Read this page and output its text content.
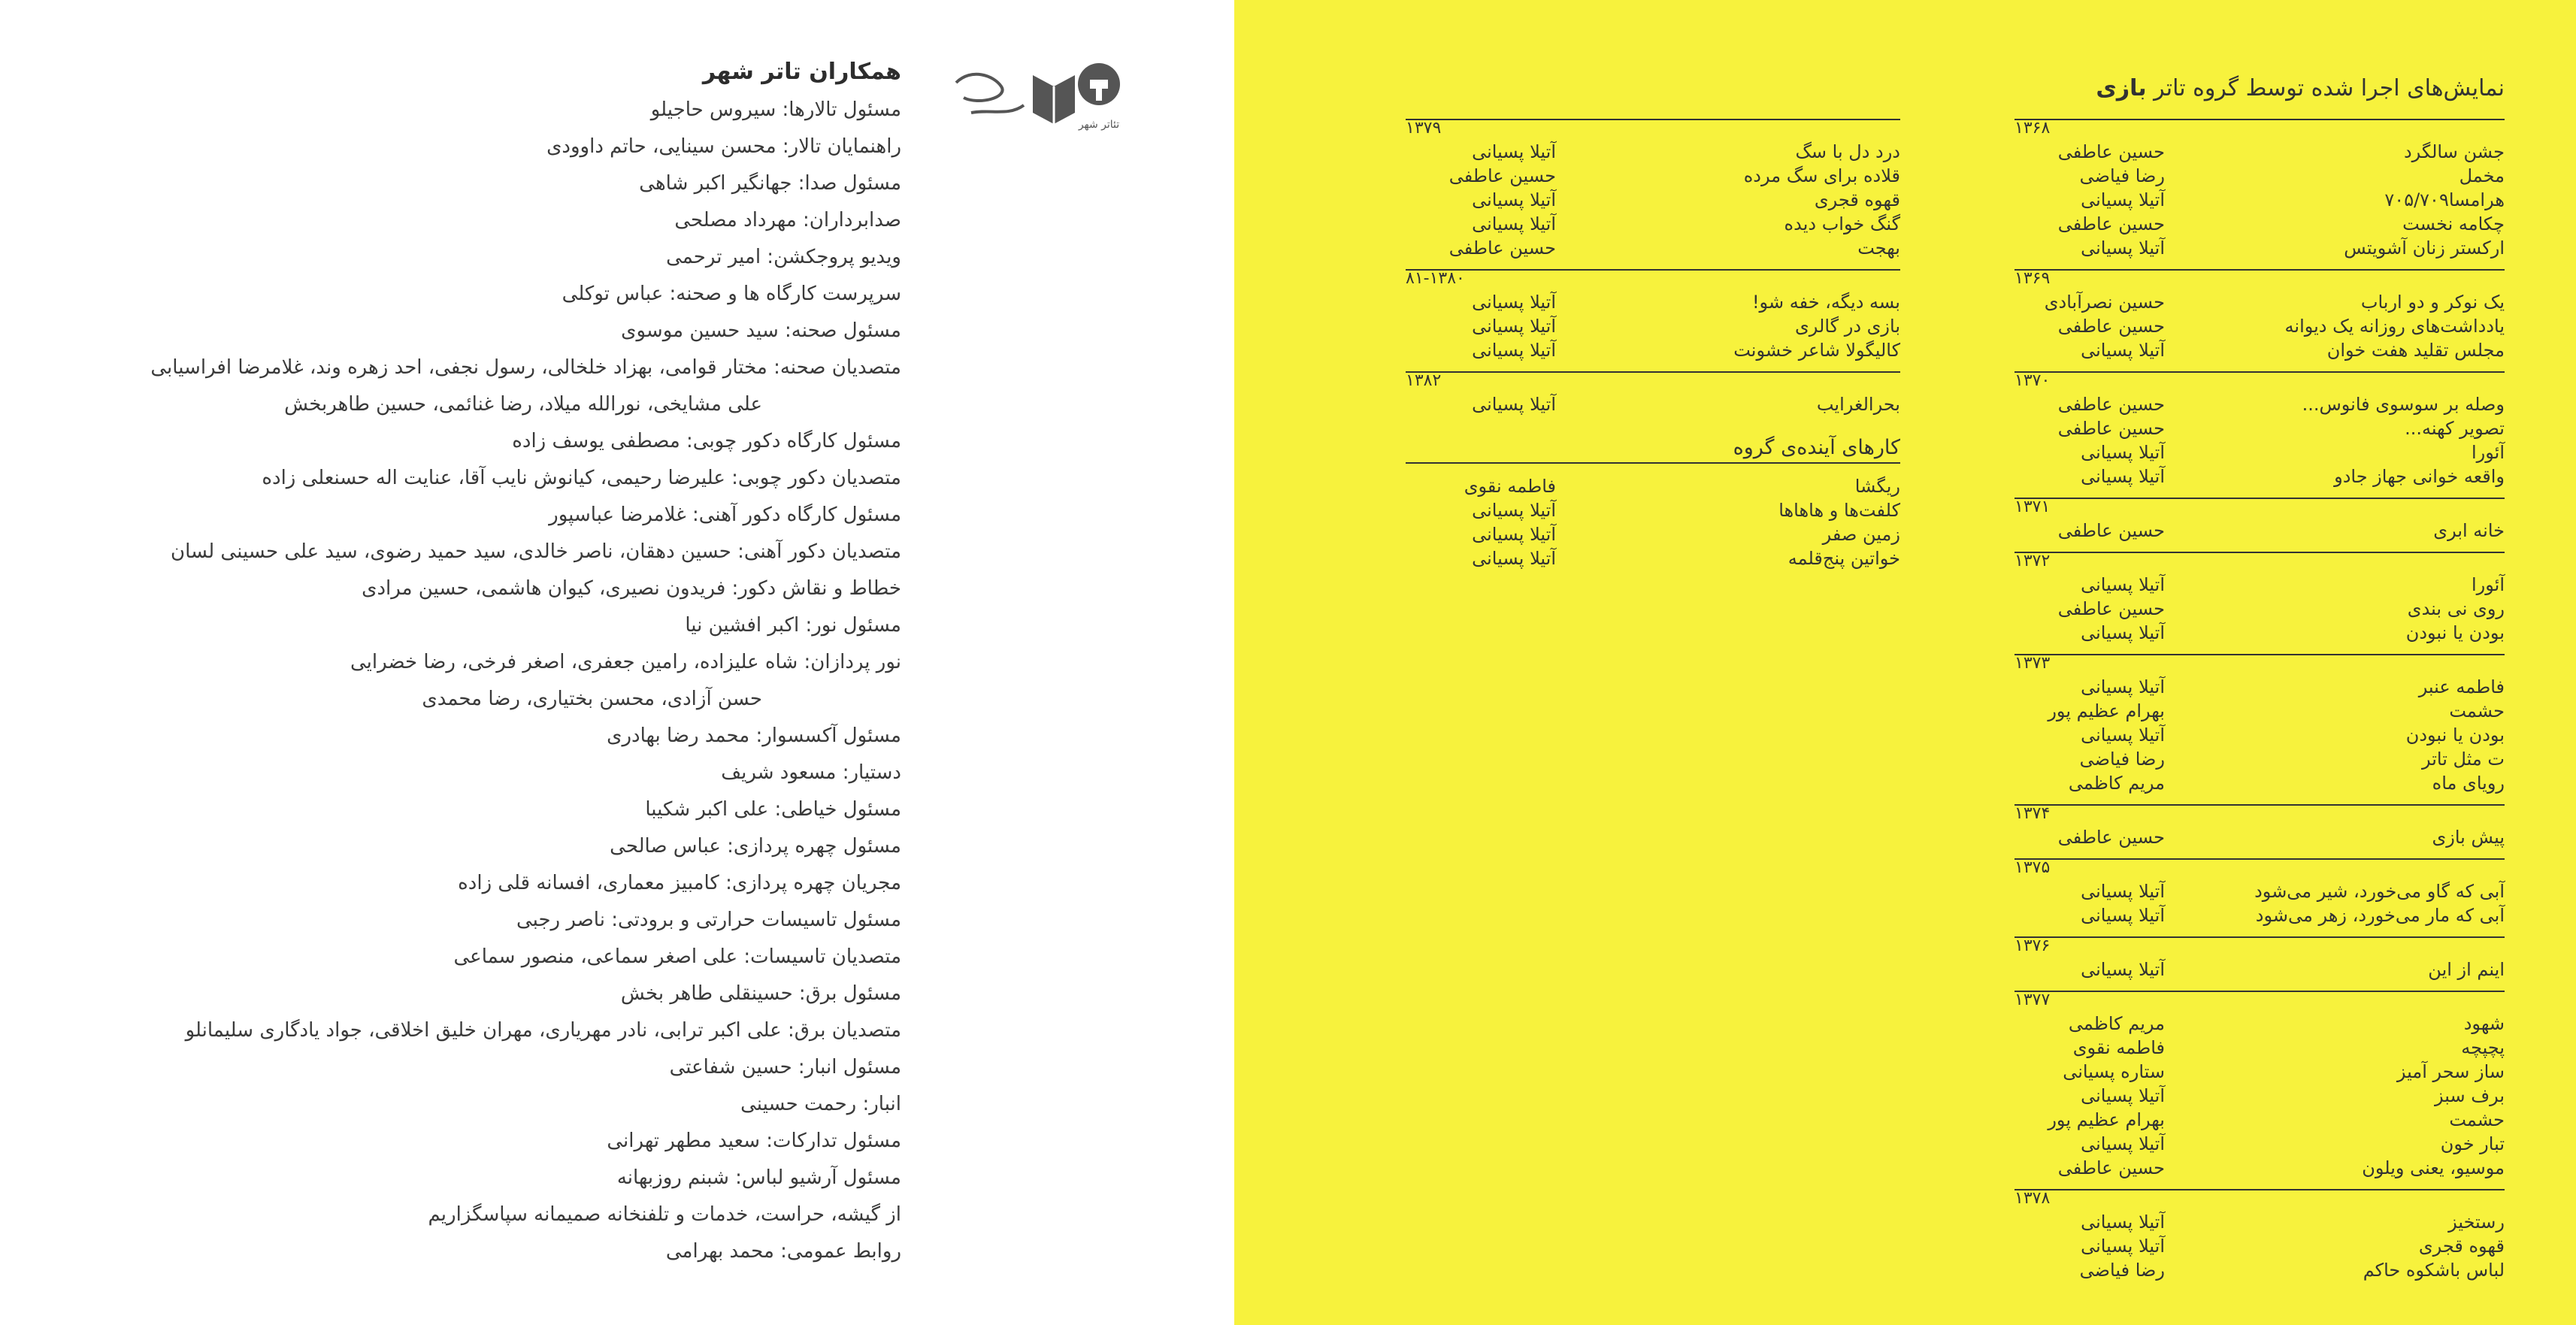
تئاتر شهر
همکاران تاتر شهر
مسئول تالارها: سیروس حاجیلو
راهنمایان تالار: محسن سینایی، حاتم داوودی
مسئول صدا: جهانگیر اکبر شاهی
صدابرداران: مهرداد مصلحی
ویدیو پروجکشن: امیر ترحمی
سرپرست کارگاه ها و صحنه: عباس توکلی
مسئول صحنه: سید حسین موسوی
متصدیان صحنه: مختار قوامی، بهزاد خلخالی، رسول نجفی، احد زهره وند، غلامرضا افراسیابی
علی مشایخی، نورالله میلاد، رضا غنائمی، حسین طاهربخش
مسئول کارگاه دکور چوبی: مصطفی یوسف زاده
متصدیان دکور چوبی: علیرضا رحیمی، کیانوش نایب آقا، عنایت اله حسنعلی زاده
مسئول کارگاه دکور آهنی: غلامرضا عباسپور
متصدیان دکور آهنی: حسین دهقان، ناصر خالدی، سید حمید رضوی، سید علی حسینی لسان
خطاط و نقاش دکور: فریدون نصیری، کیوان هاشمی، حسین مرادی
مسئول نور: اکبر افشین نیا
نور پردازان: شاه علیزاده، رامین جعفری، اصغر فرخی، رضا خضرایی
حسن آزادی، محسن بختیاری، رضا محمدی
مسئول آکسسوار: محمد رضا بهادری
دستیار: مسعود شریف
مسئول خیاطی: علی اکبر شکیبا
مسئول چهره پردازی: عباس صالحی
مجریان چهره پردازی: کامبیز معماری، افسانه قلی زاده
مسئول تاسیسات حرارتی و برودتی: ناصر رجبی
متصدیان تاسیسات: علی اصغر سماعی، منصور سماعی
مسئول برق: حسینقلی طاهر بخش
متصدیان برق: علی اکبر ترابی، نادر مهریاری، مهران خلیق اخلاقی، جواد یادگاری سلیمانلو
مسئول انبار: حسین شفاعتی
انبار: رحمت حسینی
مسئول تدارکات: سعید مطهر تهرانی
مسئول آرشیو لباس: شبنم روزبهانه
از گیشه، حراست، خدمات و تلفنخانه صمیمانه سپاسگزاریم
روابط عمومی: محمد بهرامی
نمایش‌های اجرا شده توسط گروه تاتر بازی
۱۳۶۸
جشن سالگرد
حسین عاطفی
مخمل
رضا فیاضی
هرامسا۷۰۵/۷۰۹
آتیلا پسیانی
چکامه نخست
حسین عاطفی
ارکستر زنان آشویتس
آتیلا پسیانی
۱۳۶۹
یک نوکر و دو ارباب
حسین نصرآبادی
یادداشت‌های روزانه یک دیوانه
حسین عاطفی
مجلس تقلید هفت خوان
آتیلا پسیانی
۱۳۷۰
وصله بر سوسوی فانوس...
حسین عاطفی
تصویر کهنه...
حسین عاطفی
آئورا
آتیلا پسیانی
واقعه خوانی جهاز جادو
آتیلا پسیانی
۱۳۷۱
خانه ابری
حسین عاطفی
۱۳۷۲
آئورا
آتیلا پسیانی
روی نی بندی
حسین عاطفی
بودن یا نبودن
آتیلا پسیانی
۱۳۷۳
فاطمه عنبر
آتیلا پسیانی
حشمت
بهرام عظیم پور
بودن یا نبودن
آتیلا پسیانی
ت مثل تاتر
رضا فیاضی
رویای ماه
مریم کاظمی
۱۳۷۴
پیش بازی
حسین عاطفی
۱۳۷۵
آبی که گاو می‌خورد، شیر می‌شود
آتیلا پسیانی
آبی که مار می‌خورد، زهر می‌شود
آتیلا پسیانی
۱۳۷۶
اینم از این
آتیلا پسیانی
۱۳۷۷
شهود
مریم کاظمی
پچپچه
فاطمه نقوی
ساز سحر آمیز
ستاره پسیانی
برف سبز
آتیلا پسیانی
حشمت
بهرام عظیم پور
تبار خون
آتیلا پسیانی
موسیو، یعنی ویلون
حسین عاطفی
۱۳۷۸
رستخیز
آتیلا پسیانی
قهوه قجری
آتیلا پسیانی
لباس باشکوه حاکم
رضا فیاضی
۱۳۷۹
درد دل با سگ
آتیلا پسیانی
قلاده برای سگ مرده
حسین عاطفی
قهوه قجری
آتیلا پسیانی
گنگ خواب دیده
آتیلا پسیانی
بهجت
حسین عاطفی
۸۱-۱۳۸۰
بسه دیگه، خفه شو!
آتیلا پسیانی
بازی در گالری
آتیلا پسیانی
کالیگولا شاعر خشونت
آتیلا پسیانی
۱۳۸۲
بحرالغرایب
آتیلا پسیانی
کارهای آینده‌ی گروه
ریگشا
فاطمه نقوی
کلفت‌ها و هاهاها
آتیلا پسیانی
زمین صفر
آتیلا پسیانی
خواتین پنج‌قلمه
آتیلا پسیانی
